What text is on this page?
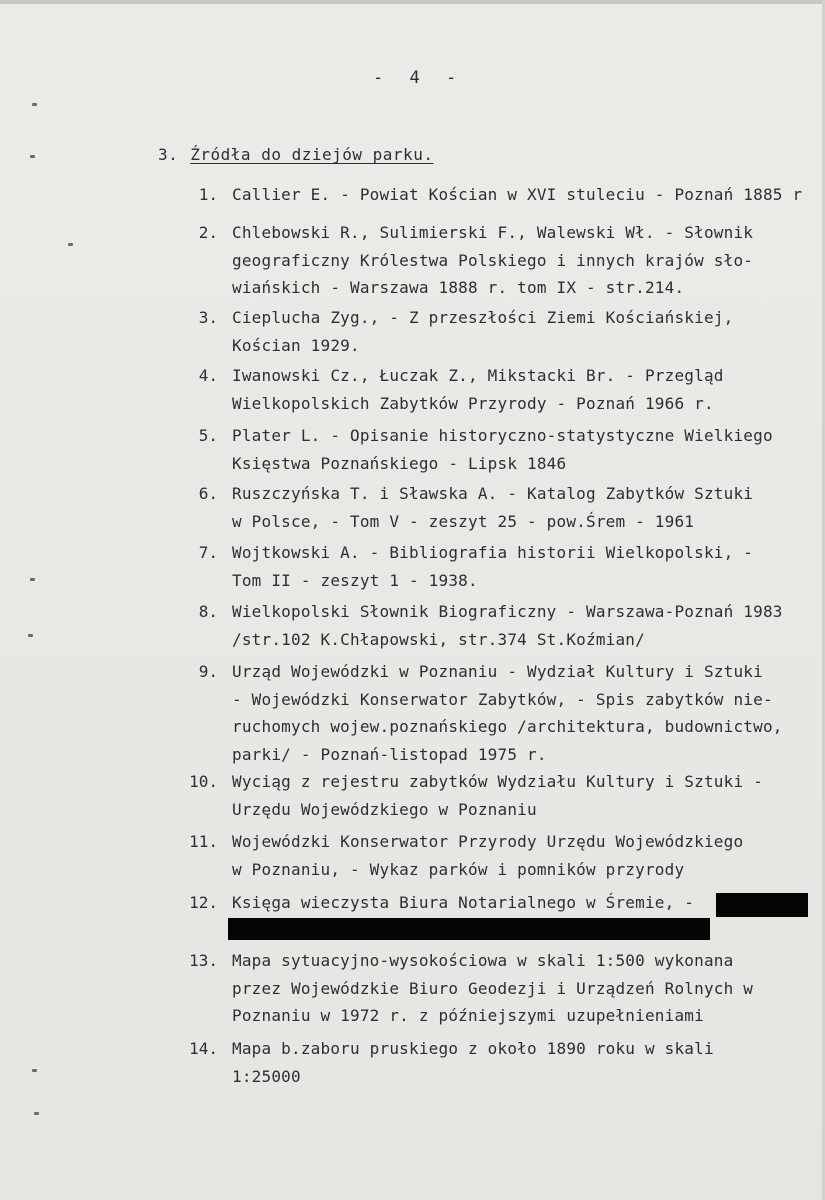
- 4 -
3. Źródła do dziejów parku.
1. Callier E. - Powiat Kościan w XVI stuleciu - Poznań 1885 r
2. Chlebowski R., Sulimierski F., Walewski Wł. - Słownik
geograficzny Królestwa Polskiego i innych krajów sło-
wiańskich - Warszawa 1888 r. tom IX - str.214.
3. Cieplucha Zyg., - Z przeszłości Ziemi Kościańskiej,
Kościan 1929.
4. Iwanowski Cz., Łuczak Z., Mikstacki Br. - Przegląd
Wielkopolskich Zabytków Przyrody - Poznań 1966 r.
5. Plater L. - Opisanie historyczno-statystyczne Wielkiego
Księstwa Poznańskiego - Lipsk 1846
6. Ruszczyńska T. i Sławska A. - Katalog Zabytków Sztuki
w Polsce, - Tom V - zeszyt 25 - pow.Śrem - 1961
7. Wojtkowski A. - Bibliografia historii Wielkopolski, -
Tom II - zeszyt 1 - 1938.
8. Wielkopolski Słownik Biograficzny - Warszawa-Poznań 1983
/str.102 K.Chłapowski, str.374 St.Koźmian/
9. Urząd Wojewódzki w Poznaniu - Wydział Kultury i Sztuki
- Wojewódzki Konserwator Zabytków, - Spis zabytków nie-
ruchomych wojew.poznańskiego /architektura, budownictwo,
parki/ - Poznań-listopad 1975 r.
10. Wyciąg z rejestru zabytków Wydziału Kultury i Sztuki -
Urzędu Wojewódzkiego w Poznaniu
11. Wojewódzki Konserwator Przyrody Urzędu Wojewódzkiego
w Poznaniu, - Wykaz parków i pomników przyrody
12. Księga wieczysta Biura Notarialnego w Śremie, -
13. Mapa sytuacyjno-wysokościowa w skali 1:500 wykonana
przez Wojewódzkie Biuro Geodezji i Urządzeń Rolnych w
Poznaniu w 1972 r. z późniejszymi uzupełnieniami
14. Mapa b.zaboru pruskiego z około 1890 roku w skali
1:25000
